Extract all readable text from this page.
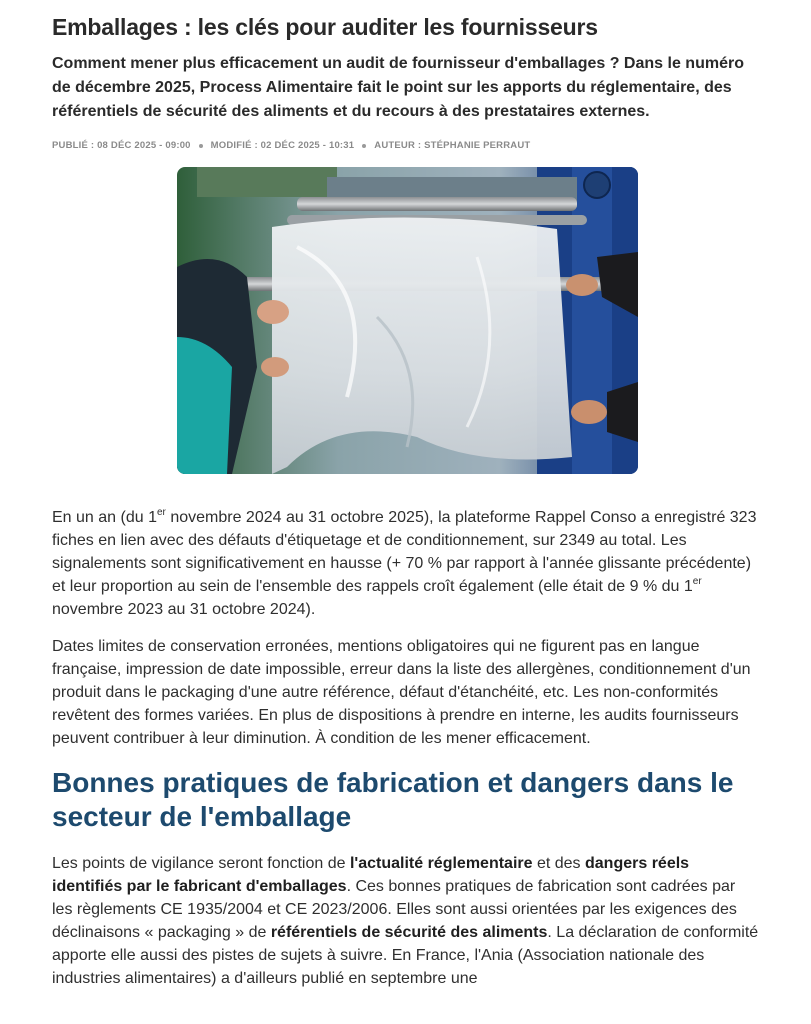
Emballages : les clés pour auditer les fournisseurs

Comment mener plus efficacement un audit de fournisseur d'emballages ? Dans le numéro de décembre 2025, Process Alimentaire fait le point sur les apports du réglementaire, des référentiels de sécurité des aliments et du recours à des prestataires externes.

PUBLIÉ : 08 DÉC 2025 - 09:00 MODIFIÉ : 02 DÉC 2025 - 10:31 AUTEUR : STÉPHANIE PERRAUT

En un an (du 1er novembre 2024 au 31 octobre 2025), la plateforme Rappel Conso a enregistré 323 fiches en lien avec des défauts d'étiquetage et de conditionnement, sur 2349 au total. Les signalements sont significativement en hausse (+ 70 % par rapport à l'année glissante précédente) et leur proportion au sein de l'ensemble des rappels croît également (elle était de 9 % du 1er novembre 2023 au 31 octobre 2024).

Dates limites de conservation erronées, mentions obligatoires qui ne figurent pas en langue française, impression de date impossible, erreur dans la liste des allergènes, conditionnement d'un produit dans le packaging d'une autre référence, défaut d'étanchéité, etc. Les non-conformités revêtent des formes variées. En plus de dispositions à prendre en interne, les audits fournisseurs peuvent contribuer à leur diminution. À condition de les mener efficacement.

Bonnes pratiques de fabrication et dangers dans le secteur de l'emballage

Les points de vigilance seront fonction de l'actualité réglementaire et des dangers réels identifiés par le fabricant d'emballages. Ces bonnes pratiques de fabrication sont cadrées par les règlements CE 1935/2004 et CE 2023/2006. Elles sont aussi orientées par les exigences des déclinaisons « packaging » de référentiels de sécurité des aliments. La déclaration de conformité apporte elle aussi des pistes de sujets à suivre. En France, l'Ania (Association nationale des industries alimentaires) a d'ailleurs publié en septembre une
